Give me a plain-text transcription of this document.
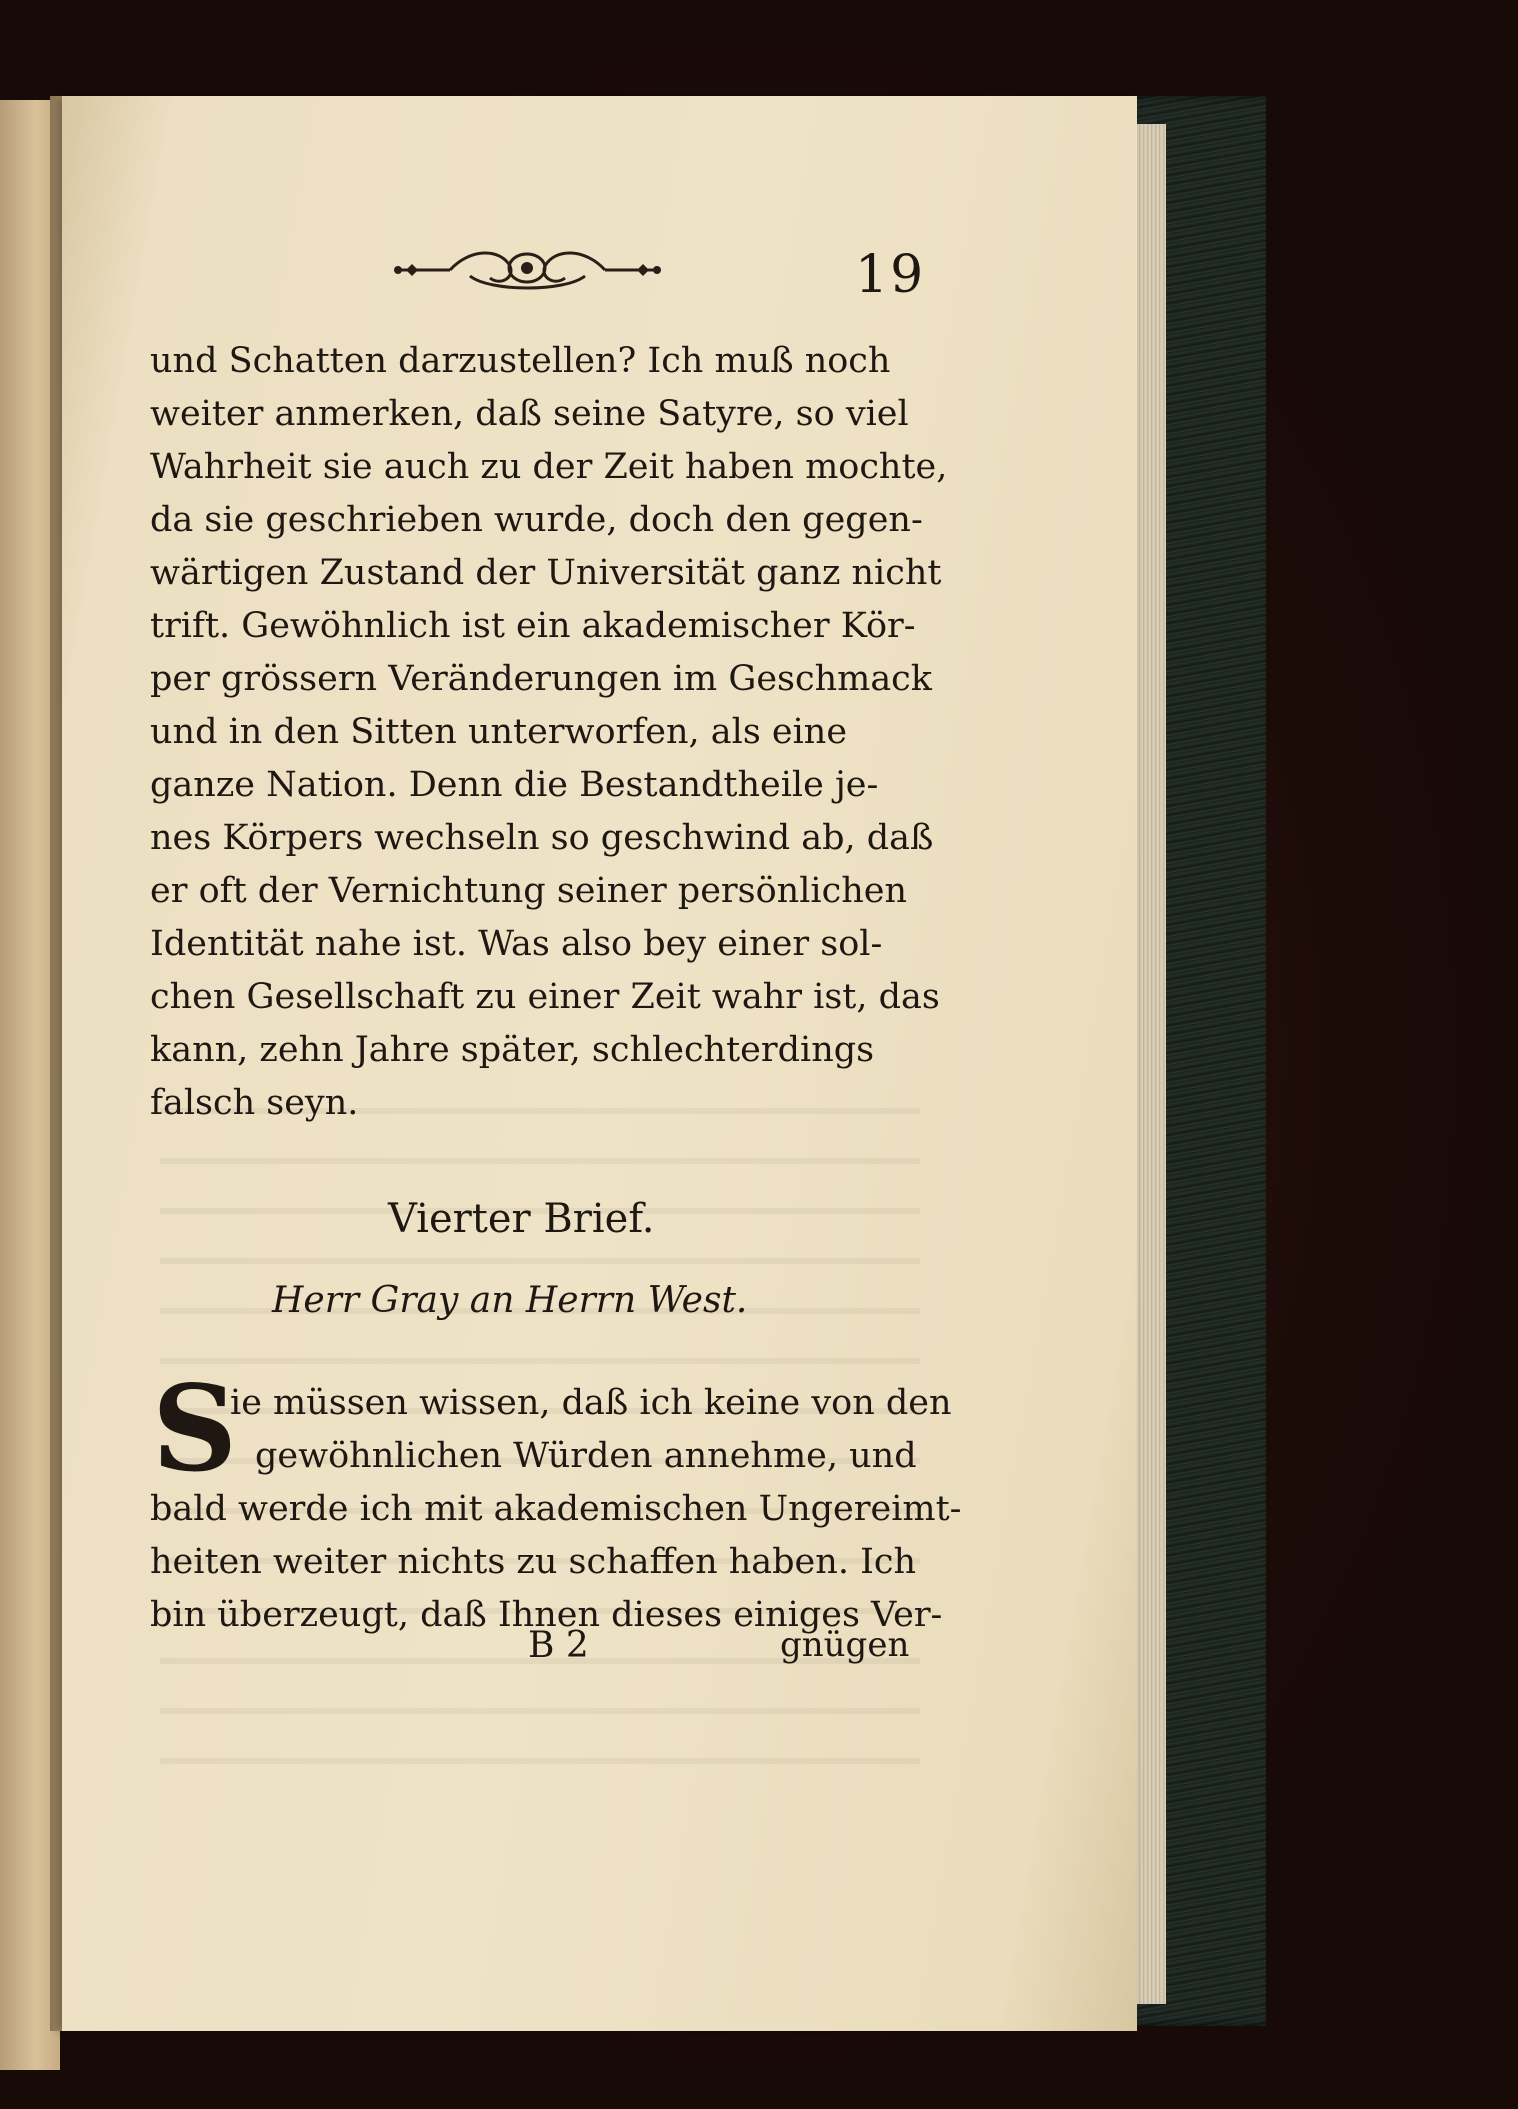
19
und Schatten darzustellen? Ich muß noch
weiter anmerken, daß seine Satyre, so viel
Wahrheit sie auch zu der Zeit haben mochte,
da sie geschrieben wurde, doch den gegen-
wärtigen Zustand der Universität ganz nicht
trift. Gewöhnlich ist ein akademischer Kör-
per grössern Veränderungen im Geschmack
und in den Sitten unterworfen, als eine
ganze Nation. Denn die Bestandtheile je-
nes Körpers wechseln so geschwind ab, daß
er oft der Vernichtung seiner persönlichen
Identität nahe ist. Was also bey einer sol-
chen Gesellschaft zu einer Zeit wahr ist, das
kann, zehn Jahre später, schlechterdings
falsch seyn.
Vierter Brief.
Herr Gray an Herrn West.
S
ie müssen wissen, daß ich keine von den
gewöhnlichen Würden annehme, und
bald werde ich mit akademischen Ungereimt-
heiten weiter nichts zu schaffen haben. Ich
bin überzeugt, daß Ihnen dieses einiges Ver-
B 2	gnügen
